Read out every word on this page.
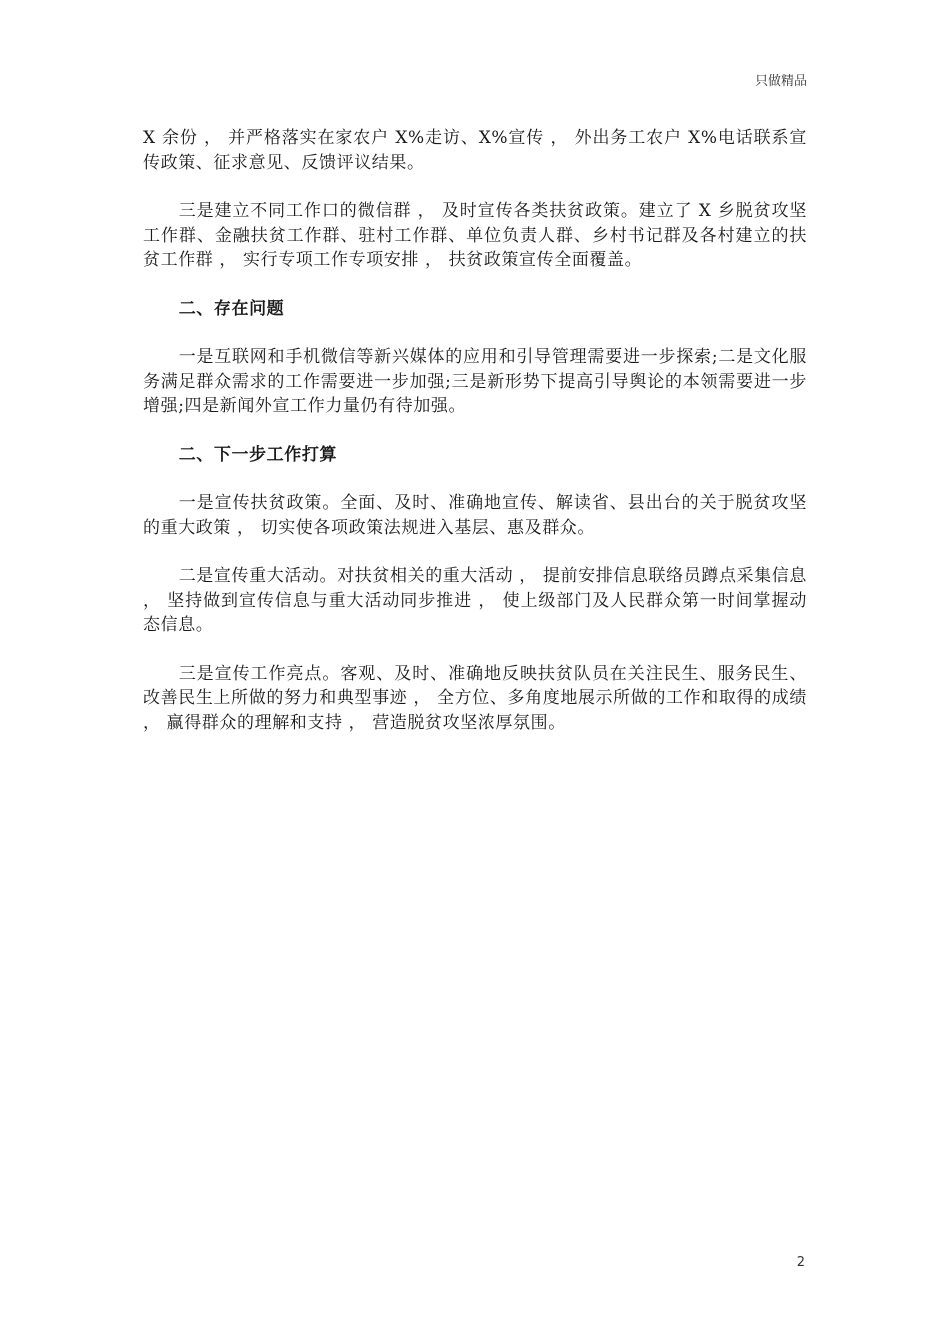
只做精品

X 余份 ， 并严格落实在家农户 X%走访、X%宣传 ， 外出务工农户 X%电话联系宣传政策、征求意见、反馈评议结果。

三是建立不同工作口的微信群 ， 及时宣传各类扶贫政策。建立了 X 乡脱贫攻坚工作群、金融扶贫工作群、驻村工作群、单位负责人群、乡村书记群及各村建立的扶贫工作群 ， 实行专项工作专项安排 ， 扶贫政策宣传全面覆盖。

二、存在问题

一是互联网和手机微信等新兴媒体的应用和引导管理需要进一步探索;二是文化服务满足群众需求的工作需要进一步加强;三是新形势下提高引导舆论的本领需要进一步增强;四是新闻外宣工作力量仍有待加强。

二、下一步工作打算

一是宣传扶贫政策。全面、及时、准确地宣传、解读省、县出台的关于脱贫攻坚的重大政策 ， 切实使各项政策法规进入基层、惠及群众。

二是宣传重大活动。对扶贫相关的重大活动 ， 提前安排信息联络员蹲点采集信息 ， 坚持做到宣传信息与重大活动同步推进 ， 使上级部门及人民群众第一时间掌握动态信息。

三是宣传工作亮点。客观、及时、准确地反映扶贫队员在关注民生、服务民生、改善民生上所做的努力和典型事迹 ， 全方位、多角度地展示所做的工作和取得的成绩 ， 赢得群众的理解和支持 ， 营造脱贫攻坚浓厚氛围。

2
